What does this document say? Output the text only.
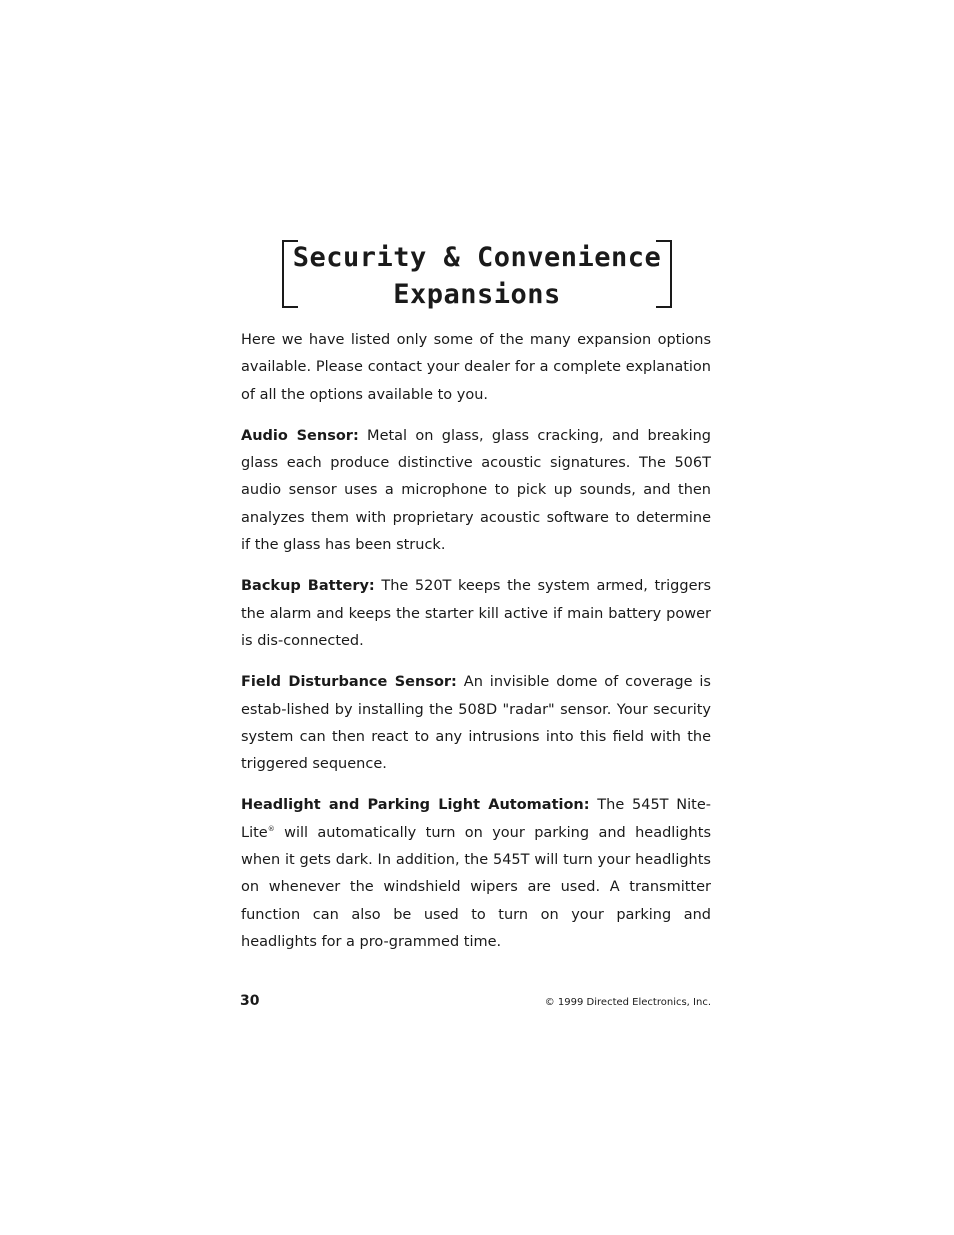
Security & Convenience
Expansions

Here we have listed only some of the many expansion options available. Please contact your dealer for a complete explanation of all the options available to you.

Audio Sensor: Metal on glass, glass cracking, and breaking glass each produce distinctive acoustic signatures. The 506T audio sensor uses a microphone to pick up sounds, and then analyzes them with proprietary acoustic software to determine if the glass has been struck.

Backup Battery: The 520T keeps the system armed, triggers the alarm and keeps the starter kill active if main battery power is dis-connected.

Field Disturbance Sensor: An invisible dome of coverage is estab-lished by installing the 508D "radar" sensor. Your security system can then react to any intrusions into this field with the triggered sequence.

Headlight and Parking Light Automation: The 545T Nite-Lite® will automatically turn on your parking and headlights when it gets dark. In addition, the 545T will turn your headlights on whenever the windshield wipers are used. A transmitter function can also be used to turn on your parking and headlights for a pro-grammed time.

30	© 1999 Directed Electronics, Inc.
